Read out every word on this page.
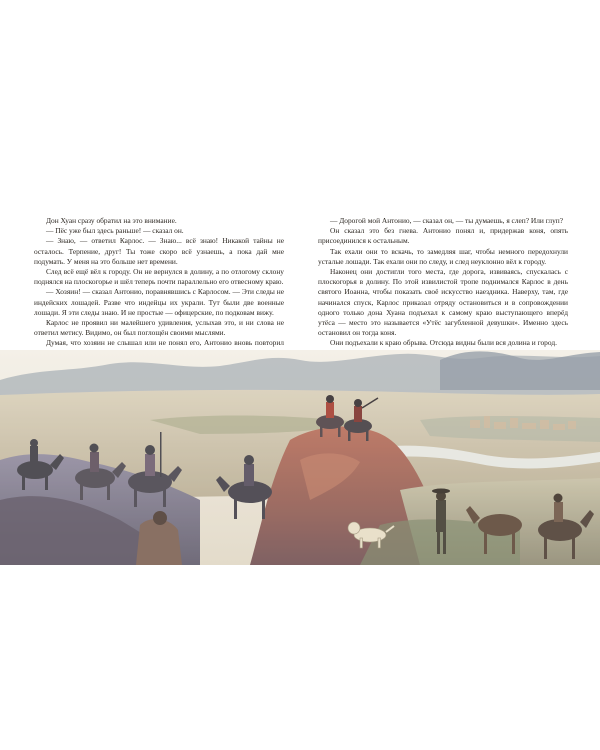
Дон Хуан сразу обратил на это внимание.

— Пёс уже был здесь раньше! — сказал он.

— Знаю, — ответил Карлос. — Знаю... всё знаю! Никакой тайны не осталось. Терпение, друг! Ты тоже скоро всё узнаешь, а пока дай мне подумать. У меня на это больше нет времени.

След всё ещё вёл к городу. Он не вернулся в долину, а по отлогому склону поднялся на плоскогорье и шёл теперь почти параллельно его отвесному краю.

— Хозяин! — сказал Антонио, поравнявшись с Карлосом. — Эти следы не индейских лошадей. Разве что индейцы их украли. Тут были две военные лошади. Я эти следы знаю. И не простые — офицерские, по подковам вижу.

Карлос не проявил ни малейшего удивления, услыхав это, и ни слова не ответил метису. Видимо, он был поглощён своими мыслями.

Думая, что хозяин не слышал или не понял его, Антонио вновь повторил

— Дорогой мой Антонио, — сказал он, — ты думаешь, я слеп? Или глуп?

Он сказал это без гнева. Антонио понял и, придержав коня, опять присоединился к остальным.

Так ехали они то вскачь, то замедляя шаг, чтобы немного передохнули усталые лошади. Так ехали они по следу, и след неуклонно вёл к городу.

Наконец они достигли того места, где дорога, извиваясь, спускалась с плоскогорья в долину. По этой извилистой тропе поднимался Карлос в день святого Иоанна, чтобы показать своё искусство наездника. Наверху, там, где начинался спуск, Карлос приказал отряду остановиться и в сопровождении одного только дона Хуана подъехал к самому краю выступающего вперёд утёса — место это называется «Утёс загубленной девушки». Именно здесь остановил он тогда коня.

Они подъехали к краю обрыва. Отсюда видны были вся долина и город.
